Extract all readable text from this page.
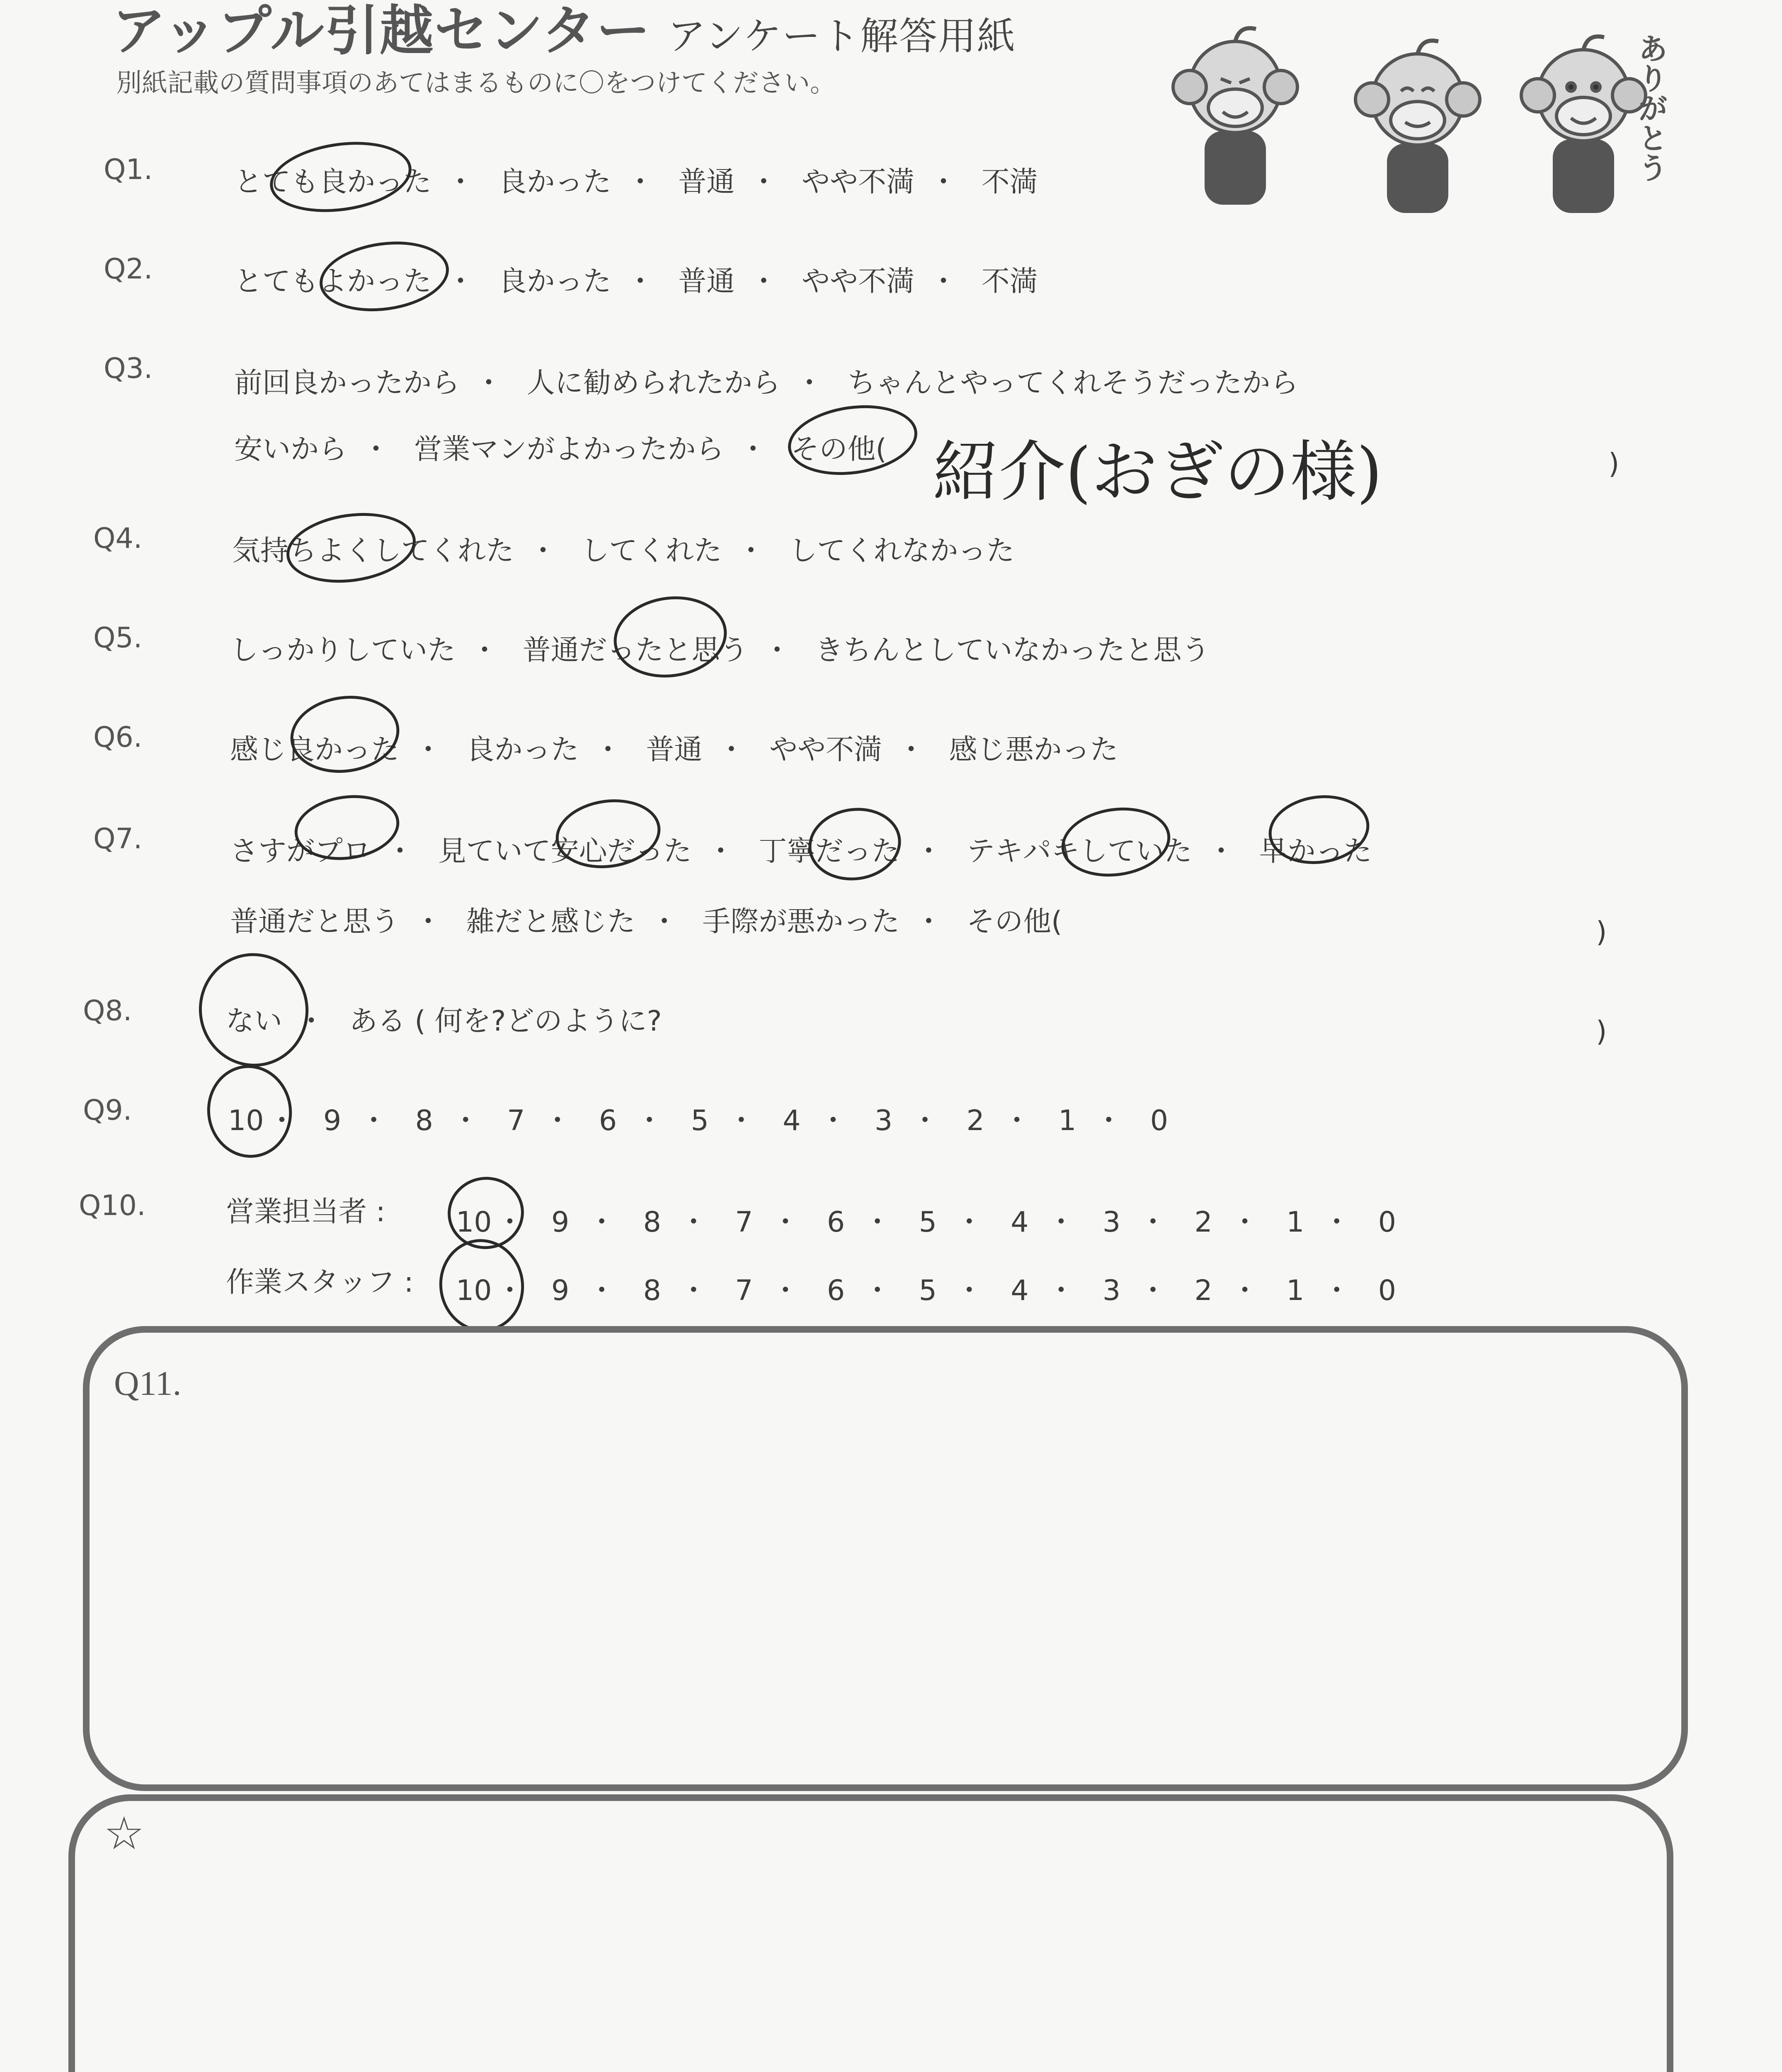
アップル引越センター アンケート解答用紙
別紙記載の質問事項のあてはまるものに〇をつけてください。	ありがとう
Q1.	とても良かった ・ 良かった ・ 普通 ・ やや不満 ・ 不満
Q2.	とてもよかった ・ 良かった ・ 普通 ・ やや不満 ・ 不満
Q3.	前回良かったから ・ 人に勧められたから ・ ちゃんとやってくれそうだったから
安いから ・ 営業マンがよかったから ・ その他( 紹介(おぎの様)	)
Q4.	気持ちよくしてくれた ・ してくれた ・ してくれなかった
Q5.	しっかりしていた ・ 普通だったと思う ・ きちんとしていなかったと思う
Q6.	感じ良かった ・ 良かった ・ 普通 ・ やや不満 ・ 感じ悪かった
Q7.	さすがプロ ・ 見ていて安心だった ・ 丁寧だった ・ テキパキしていた ・ 早かった
普通だと思う ・ 雑だと感じた ・ 手際が悪かった ・ その他(	)
Q8.	ない ・ ある ( 何を?どのように?	)
Q9.	10 ・ 9 ・ 8 ・ 7 ・ 6 ・ 5 ・ 4 ・ 3 ・ 2 ・ 1 ・ 0
Q10.	営業担当者 :	10 ・ 9 ・ 8 ・ 7 ・ 6 ・ 5 ・ 4 ・ 3 ・ 2 ・ 1 ・ 0
作業スタッフ : 10 ・ 9 ・ 8 ・ 7 ・ 6 ・ 5 ・ 4 ・ 3 ・ 2 ・ 1 ・ 0
Q11.
☆
